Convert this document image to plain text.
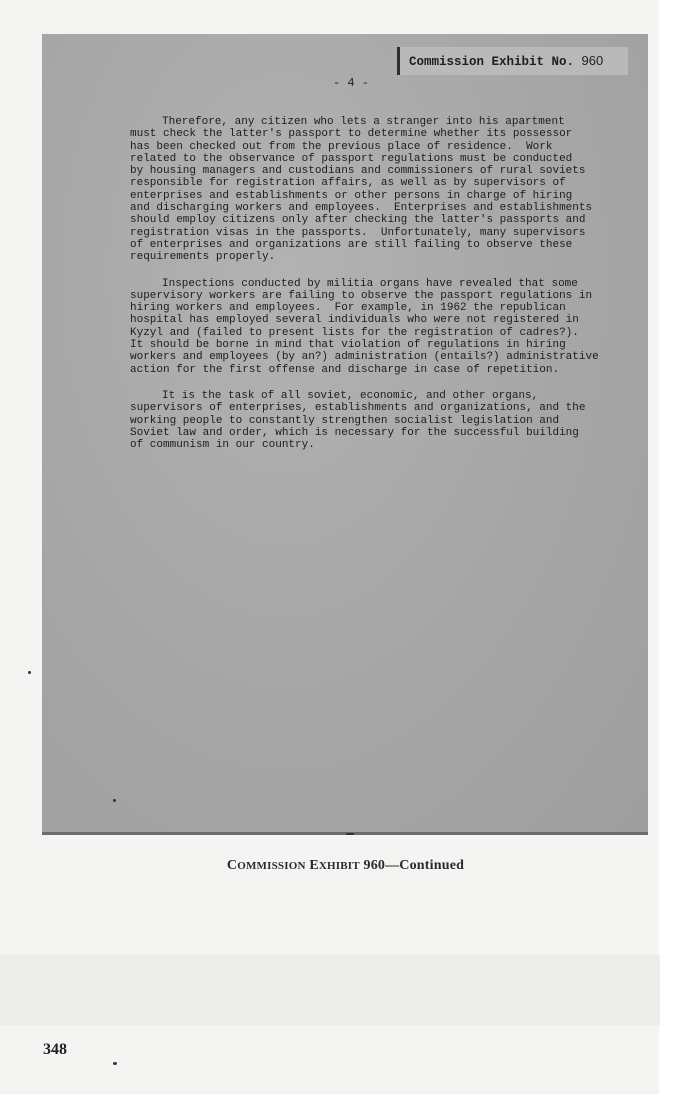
Commission Exhibit No. 960
- 4 -
Therefore, any citizen who lets a stranger into his apartment
must check the latter's passport to determine whether its possessor
has been checked out from the previous place of residence.  Work
related to the observance of passport regulations must be conducted
by housing managers and custodians and commissioners of rural soviets
responsible for registration affairs, as well as by supervisors of
enterprises and establishments or other persons in charge of hiring
and discharging workers and employees.  Enterprises and establishments
should employ citizens only after checking the latter's passports and
registration visas in the passports.  Unfortunately, many supervisors
of enterprises and organizations are still failing to observe these
requirements properly.
Inspections conducted by militia organs have revealed that some
supervisory workers are failing to observe the passport regulations in
hiring workers and employees.  For example, in 1962 the republican
hospital has employed several individuals who were not registered in
Kyzyl and (failed to present lists for the registration of cadres?).
It should be borne in mind that violation of regulations in hiring
workers and employees (by an?) administration (entails?) administrative
action for the first offense and discharge in case of repetition.
It is the task of all soviet, economic, and other organs,
supervisors of enterprises, establishments and organizations, and the
working people to constantly strengthen socialist legislation and
Soviet law and order, which is necessary for the successful building
of communism in our country.
COMMISSION EXHIBIT 960—Continued
348
